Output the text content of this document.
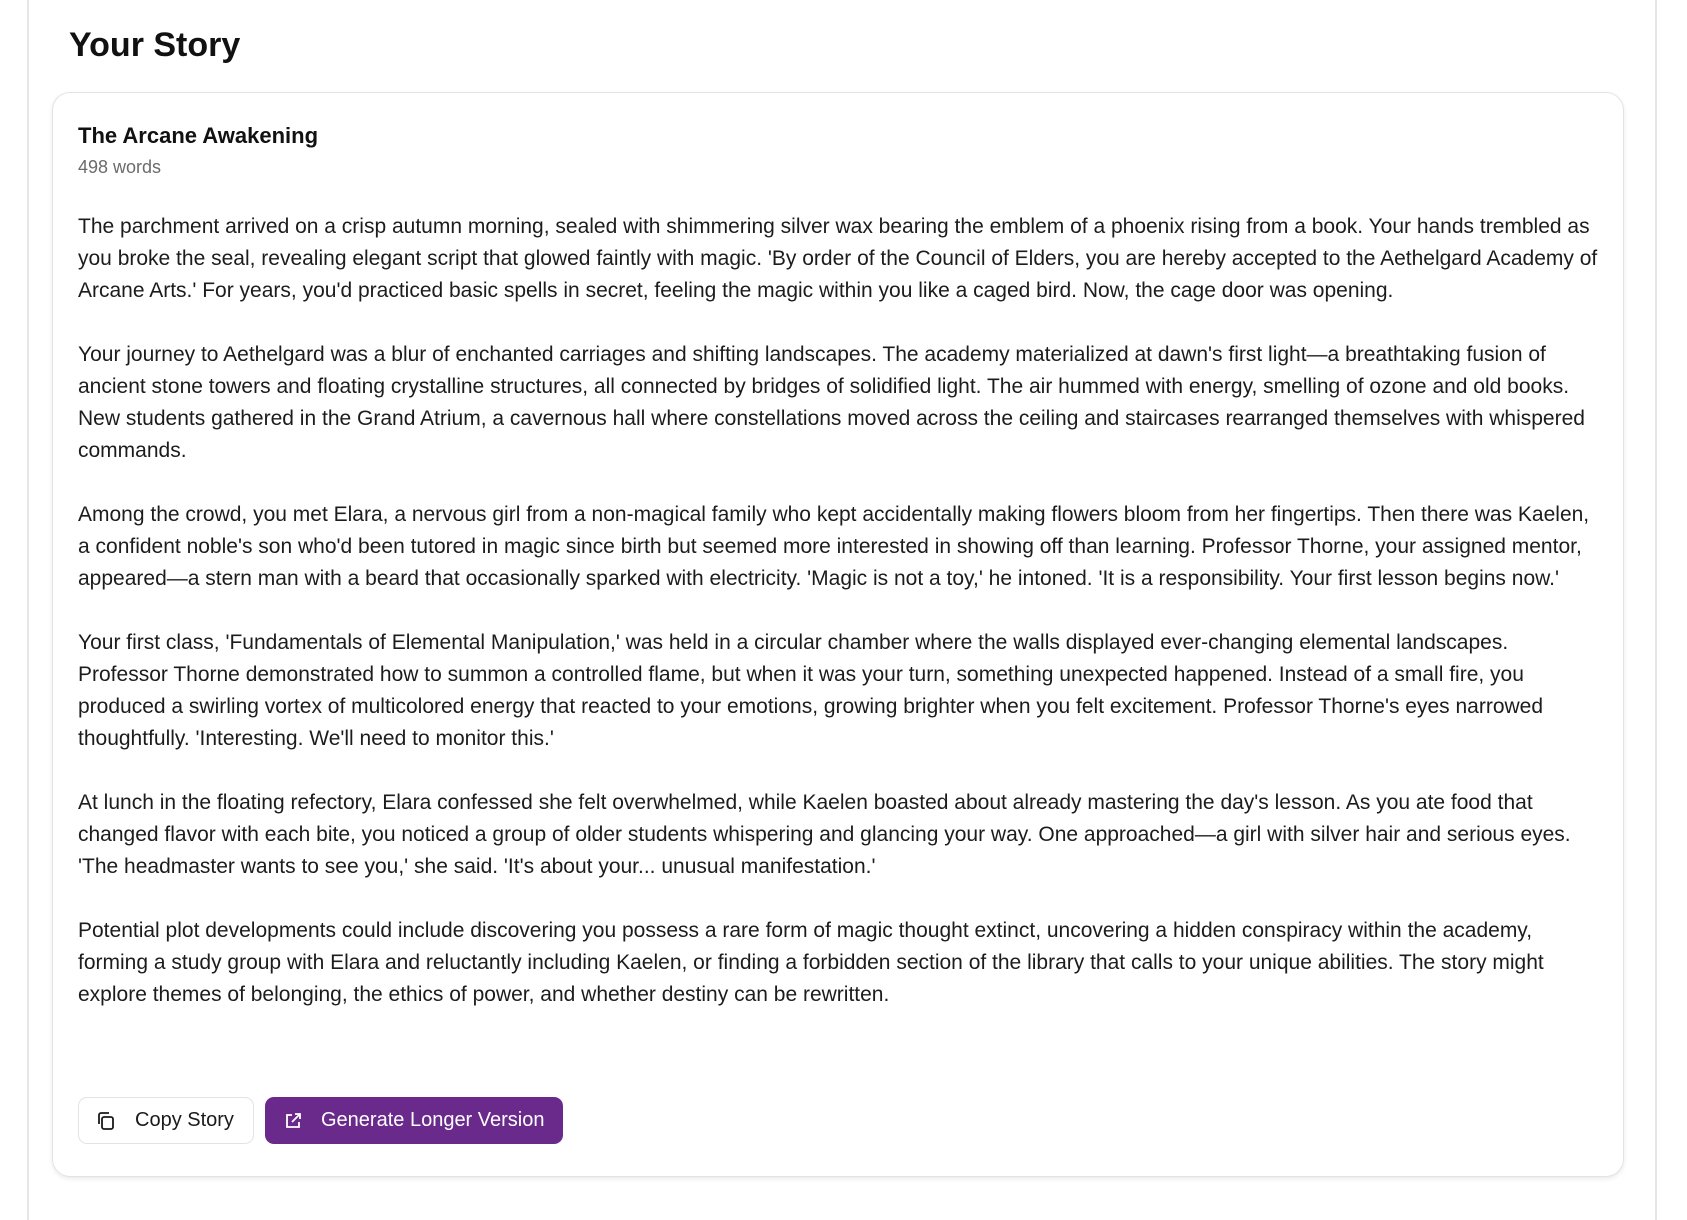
Your Story
The Arcane Awakening
498 words

The parchment arrived on a crisp autumn morning, sealed with shimmering silver wax bearing the emblem of a phoenix rising from a book. Your hands trembled as you broke the seal, revealing elegant script that glowed faintly with magic. 'By order of the Council of Elders, you are hereby accepted to the Aethelgard Academy of Arcane Arts.' For years, you'd practiced basic spells in secret, feeling the magic within you like a caged bird. Now, the cage door was opening.

Your journey to Aethelgard was a blur of enchanted carriages and shifting landscapes. The academy materialized at dawn's first light—a breathtaking fusion of ancient stone towers and floating crystalline structures, all connected by bridges of solidified light. The air hummed with energy, smelling of ozone and old books. New students gathered in the Grand Atrium, a cavernous hall where constellations moved across the ceiling and staircases rearranged themselves with whispered commands.

Among the crowd, you met Elara, a nervous girl from a non-magical family who kept accidentally making flowers bloom from her fingertips. Then there was Kaelen, a confident noble's son who'd been tutored in magic since birth but seemed more interested in showing off than learning. Professor Thorne, your assigned mentor, appeared—a stern man with a beard that occasionally sparked with electricity. 'Magic is not a toy,' he intoned. 'It is a responsibility. Your first lesson begins now.'

Your first class, 'Fundamentals of Elemental Manipulation,' was held in a circular chamber where the walls displayed ever-changing elemental landscapes. Professor Thorne demonstrated how to summon a controlled flame, but when it was your turn, something unexpected happened. Instead of a small fire, you produced a swirling vortex of multicolored energy that reacted to your emotions, growing brighter when you felt excitement. Professor Thorne's eyes narrowed thoughtfully. 'Interesting. We'll need to monitor this.'

At lunch in the floating refectory, Elara confessed she felt overwhelmed, while Kaelen boasted about already mastering the day's lesson. As you ate food that changed flavor with each bite, you noticed a group of older students whispering and glancing your way. One approached—a girl with silver hair and serious eyes. 'The headmaster wants to see you,' she said. 'It's about your... unusual manifestation.'

Potential plot developments could include discovering you possess a rare form of magic thought extinct, uncovering a hidden conspiracy within the academy, forming a study group with Elara and reluctantly including Kaelen, or finding a forbidden section of the library that calls to your unique abilities. The story might explore themes of belonging, the ethics of power, and whether destiny can be rewritten.

Copy Story	Generate Longer Version
